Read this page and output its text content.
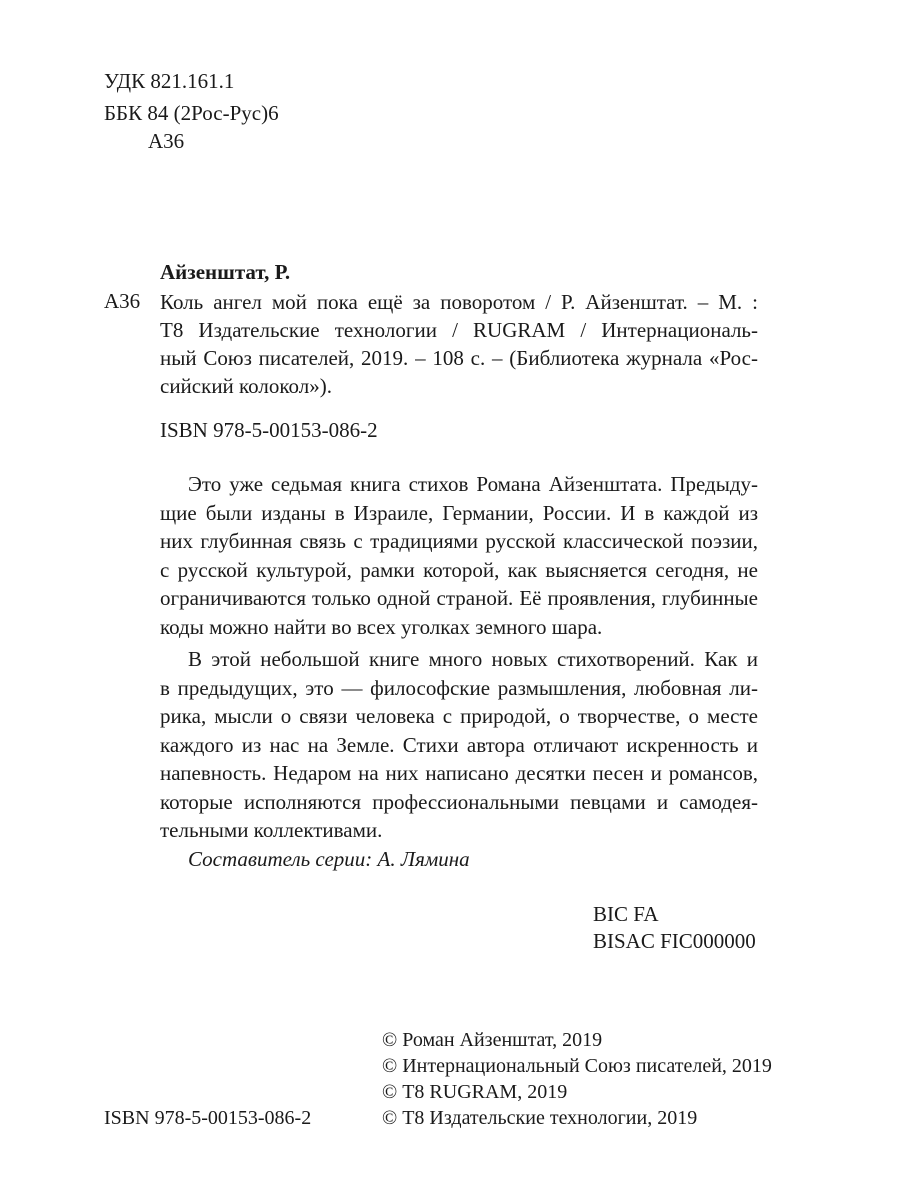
УДК 821.161.1
ББК 84 (2Рос-Рус)6
А36
Айзенштат, Р.
А36 Коль ангел мой пока ещё за поворотом / Р. Айзенштат. – М. :
Т8 Издательские технологии / RUGRAM / Интернациональ-
ный Союз писателей, 2019. – 108 с. – (Библиотека журнала «Рос-
сийский колокол»).
ISBN 978-5-00153-086-2
Это уже седьмая книга стихов Романа Айзенштата. Предыду-
щие были изданы в Израиле, Германии, России. И в каждой из
них глубинная связь с традициями русской классической поэзии,
с русской культурой, рамки которой, как выясняется сегодня, не
ограничиваются только одной страной. Её проявления, глубинные
коды можно найти во всех уголках земного шара.
В этой небольшой книге много новых стихотворений. Как и
в предыдущих, это — философские размышления, любовная ли-
рика, мысли о связи человека с природой, о творчестве, о месте
каждого из нас на Земле. Стихи автора отличают искренность и
напевность. Недаром на них написано десятки песен и романсов,
которые исполняются профессиональными певцами и самодея-
тельными коллективами.
Составитель серии: А. Лямина
BIC FA
BISAC FIC000000
© Роман Айзенштат, 2019
© Интернациональный Союз писателей, 2019
© Т8 RUGRAM, 2019
© Т8 Издательские технологии, 2019
ISBN 978-5-00153-086-2
